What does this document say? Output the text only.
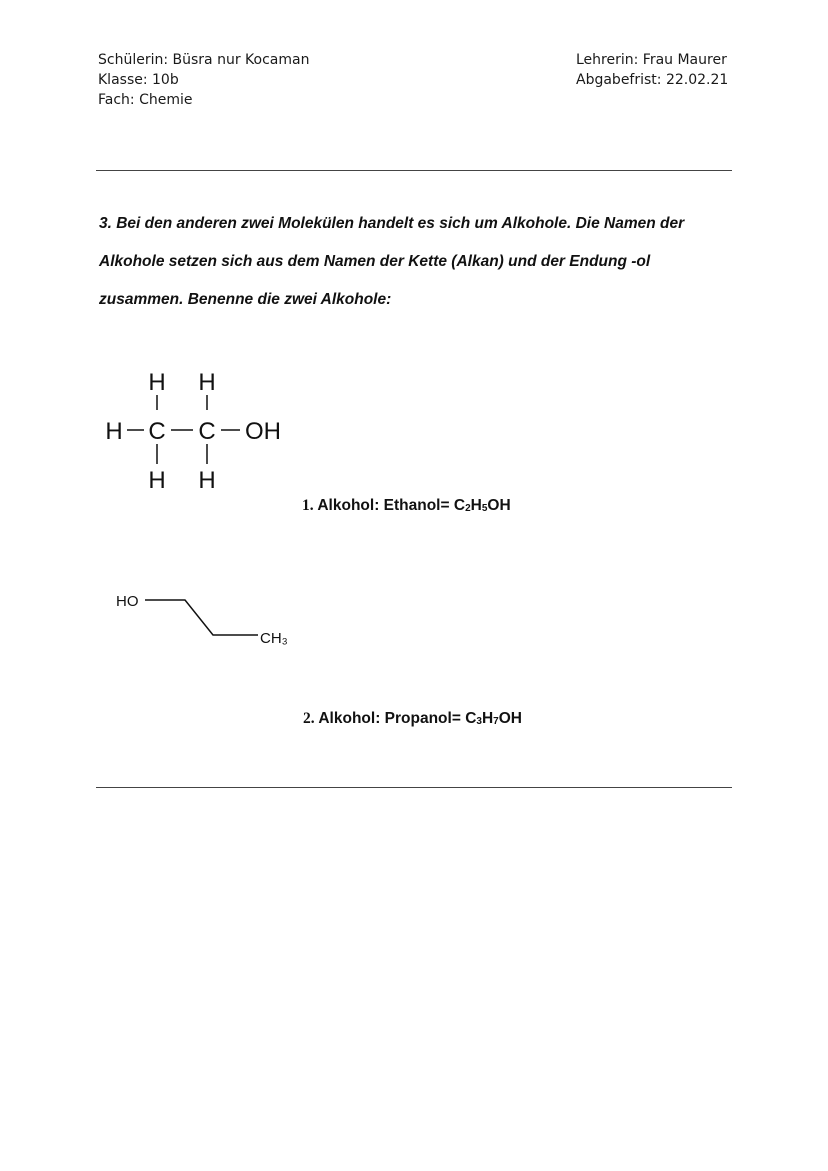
Schülerin: Büsra nur Kocaman
Klasse: 10b
Fach: Chemie
Lehrerin: Frau Maurer
Abgabefrist: 22.02.21
3. Bei den anderen zwei Molekülen handelt es sich um Alkohole. Die Namen der
Alkohole setzen sich aus dem Namen der Kette (Alkan) und der Endung -ol
zusammen. Benenne die zwei Alkohole:
H H
H C C OH
H H
1. Alkohol: Ethanol= $C_2H_5OH$
HO
CH₃
2. Alkohol: Propanol= $C_3H_7OH$
